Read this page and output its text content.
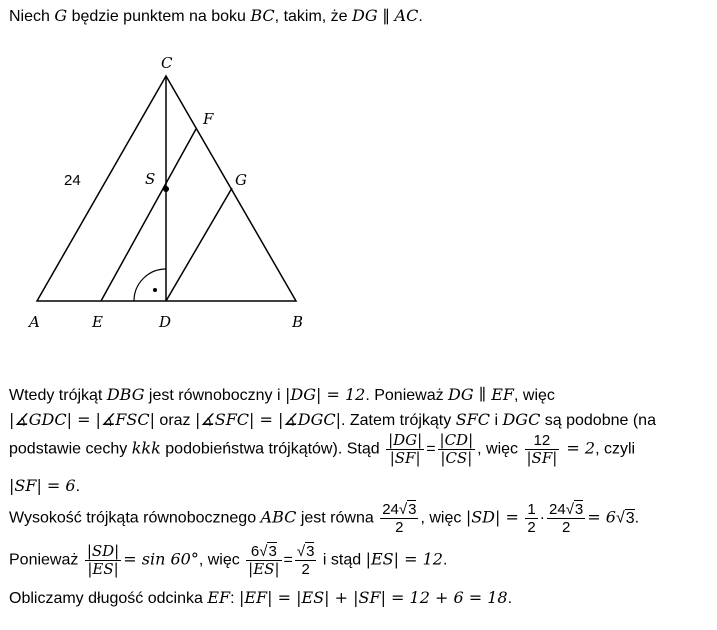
Niech G będzie punktem na boku BC, takim, że DG ∥ AC.
C
F
S	G
24
A	E	D	B
Wtedy trójkąt DBG jest równoboczny i |DG| = 12. Ponieważ DG ∥ EF, więc
|∡GDC| = |∡FSC| oraz |∡SFC| = |∡DGC|. Zatem trójkąty SFC i DGC są podobne (na
podstawie cechy kkk podobieństwa trójkątów). Stąd $\frac{|DG|}{|SF|} = \frac{|CD|}{|CS|}$ , więc $\frac{12}{|SF|} = 2$, czyli
|SF| = 6.
Wysokość trójkąta równobocznego ABC jest równa $\frac{24√3}{2}$ , więc $|SD| = \frac{1}{2} \cdot \frac{24√3}{2} = 6√3$.
Ponieważ $\frac{|SD|}{|ES|} = \sin 60^\circ$, więc $\frac{6√3}{|ES|} = \frac{√3}{2}$ i stąd |ES| = 12.
Obliczamy długość odcinka EF: |EF| = |ES| + |SF| = 12 + 6 = 18.
